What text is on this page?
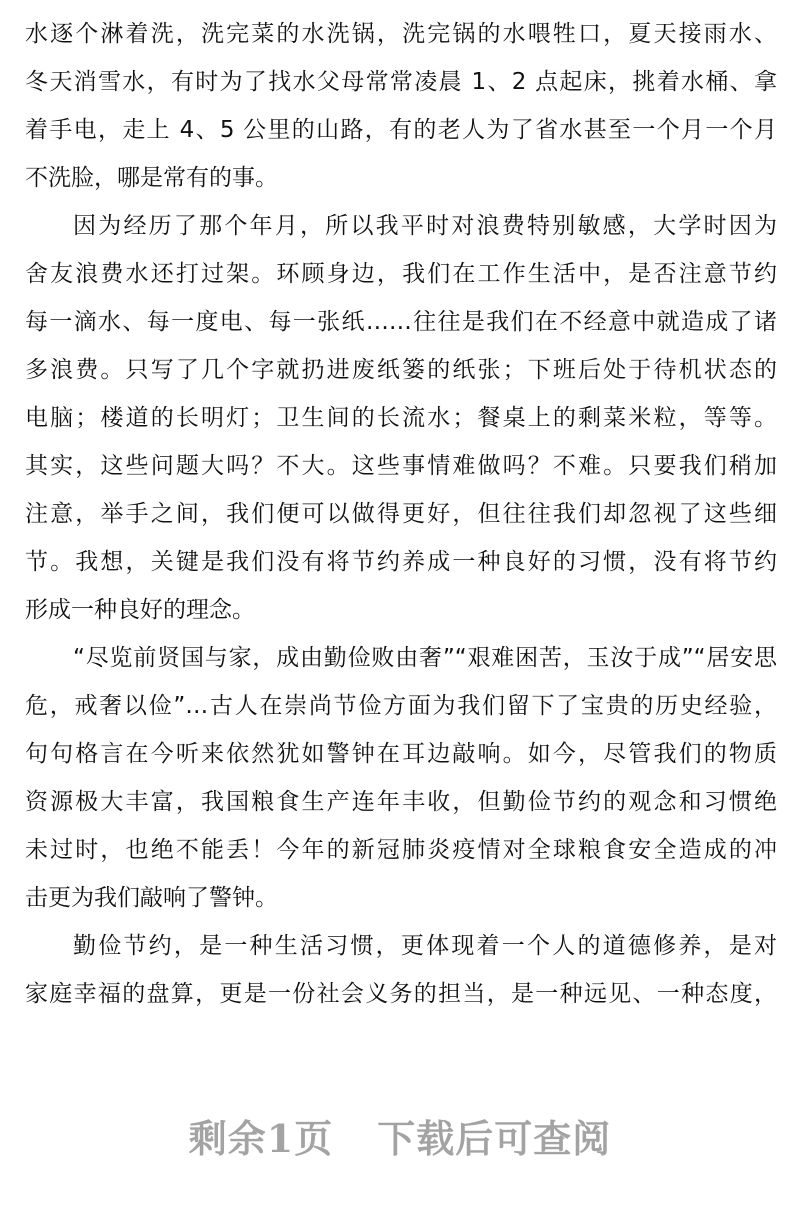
水逐个淋着洗，洗完菜的水洗锅，洗完锅的水喂牲口，夏天接雨水、
冬天消雪水，有时为了找水父母常常凌晨 1、2 点起床，挑着水桶、拿
着手电，走上 4、5 公里的山路，有的老人为了省水甚至一个月一个月
不洗脸，哪是常有的事。
因为经历了那个年月，所以我平时对浪费特别敏感，大学时因为
舍友浪费水还打过架。环顾身边，我们在工作生活中，是否注意节约
每一滴水、每一度电、每一张纸……往往是我们在不经意中就造成了诸
多浪费。只写了几个字就扔进废纸篓的纸张；下班后处于待机状态的
电脑；楼道的长明灯；卫生间的长流水；餐桌上的剩菜米粒，等等。
其实，这些问题大吗？不大。这些事情难做吗？不难。只要我们稍加
注意，举手之间，我们便可以做得更好，但往往我们却忽视了这些细
节。我想，关键是我们没有将节约养成一种良好的习惯，没有将节约
形成一种良好的理念。
“尽览前贤国与家，成由勤俭败由奢”“艰难困苦，玉汝于成”“居安思
危，戒奢以俭”…古人在崇尚节俭方面为我们留下了宝贵的历史经验，
句句格言在今听来依然犹如警钟在耳边敲响。如今，尽管我们的物质
资源极大丰富，我国粮食生产连年丰收，但勤俭节约的观念和习惯绝
未过时，也绝不能丢！今年的新冠肺炎疫情对全球粮食安全造成的冲
击更为我们敲响了警钟。
勤俭节约，是一种生活习惯，更体现着一个人的道德修养，是对
家庭幸福的盘算，更是一份社会义务的担当，是一种远见、一种态度，
剩余1页 下载后可查阅
